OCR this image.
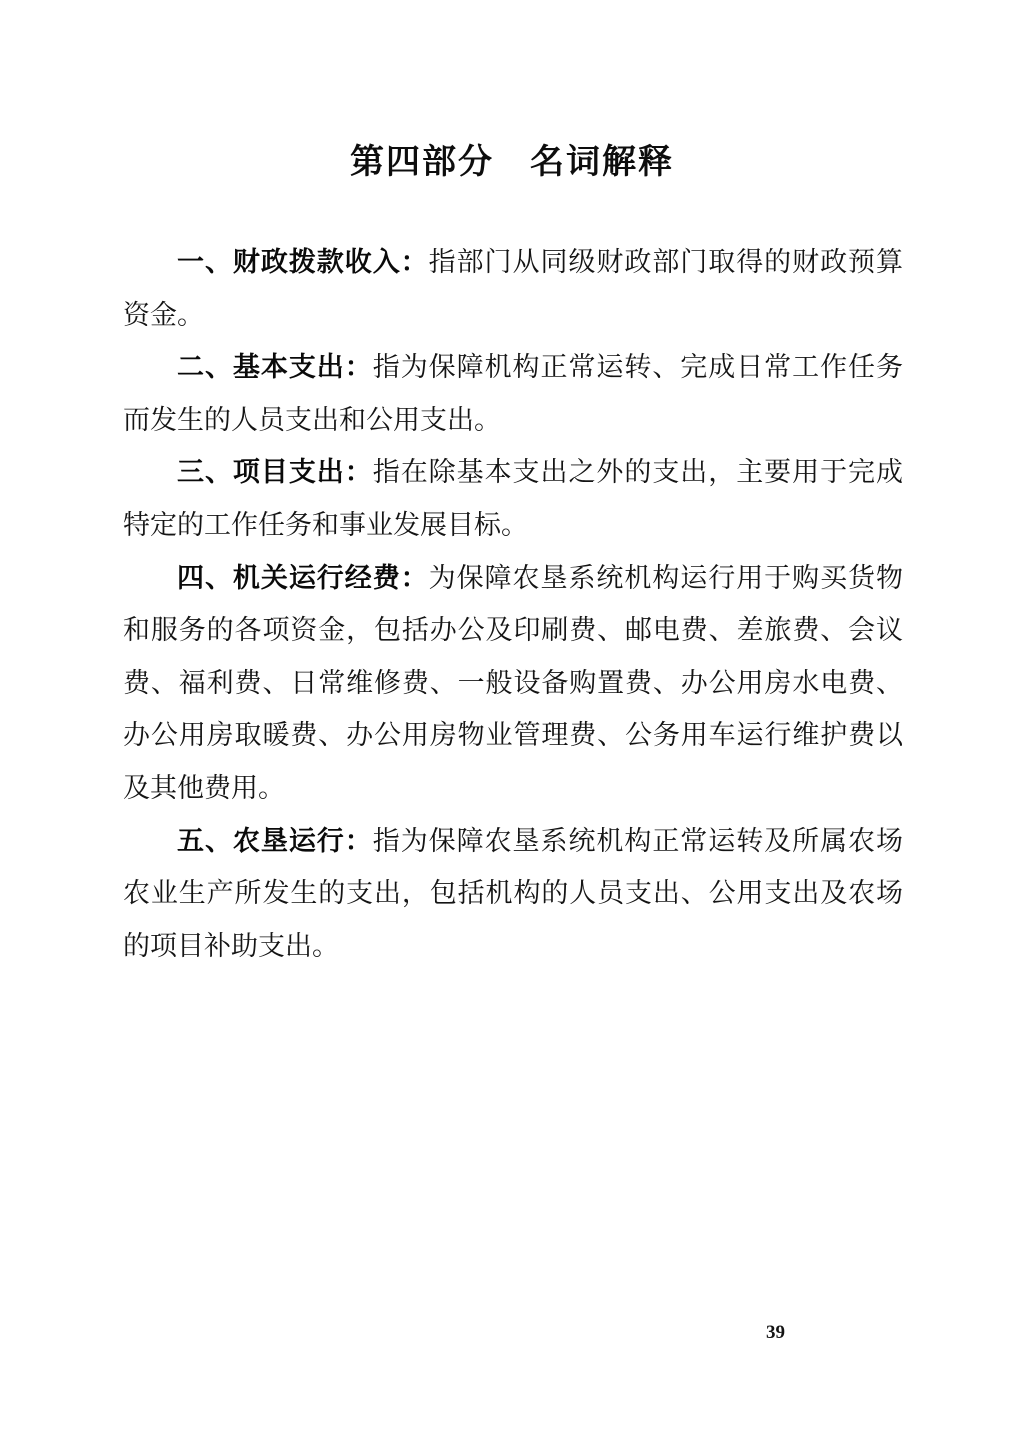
第四部分　名词解释

一、财政拨款收入：指部门从同级财政部门取得的财政预算资金。

二、基本支出：指为保障机构正常运转、完成日常工作任务而发生的人员支出和公用支出。

三、项目支出：指在除基本支出之外的支出，主要用于完成特定的工作任务和事业发展目标。

四、机关运行经费：为保障农垦系统机构运行用于购买货物和服务的各项资金，包括办公及印刷费、邮电费、差旅费、会议费、福利费、日常维修费、一般设备购置费、办公用房水电费、办公用房取暖费、办公用房物业管理费、公务用车运行维护费以及其他费用。

五、农垦运行：指为保障农垦系统机构正常运转及所属农场农业生产所发生的支出，包括机构的人员支出、公用支出及农场的项目补助支出。

39
